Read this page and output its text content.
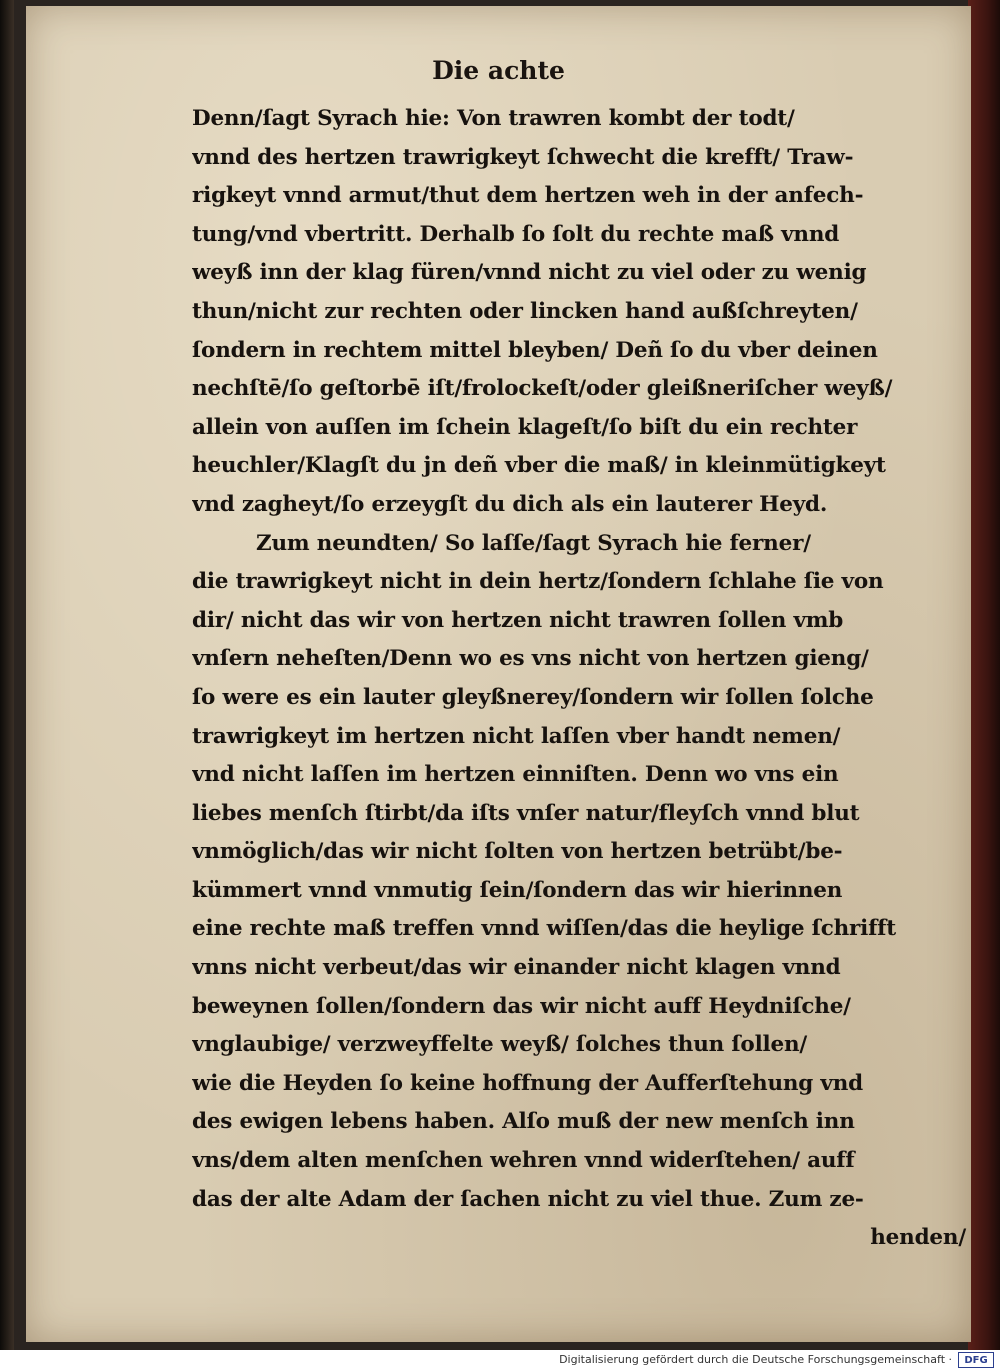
Die achte
Denn/ſagt Syrach hie: Von trawren kombt der todt/
vnnd des hertzen trawrigkeyt ſchwecht die krefft/ Traw-
rigkeyt vnnd armut/thut dem hertzen weh in der anfech-
tung/vnd vbertritt. Derhalb ſo ſolt du rechte maß vnnd
weyß inn der klag füren/vnnd nicht zu viel oder zu wenig
thun/nicht zur rechten oder lincken hand außſchreyten/
ſondern in rechtem mittel bleyben/ Deñ ſo du vber deinen
nechſtē/ſo geſtorbē iſt/frolockeſt/oder gleißneriſcher weyß/
allein von auſſen im ſchein klageſt/ſo biſt du ein rechter
heuchler/Klagſt du jn deñ vber die maß/ in kleinmütigkeyt
vnd zagheyt/ſo erzeygſt du dich als ein lauterer Heyd.
Zum neundten/ So laſſe/ſagt Syrach hie ferner/
die trawrigkeyt nicht in dein hertz/ſondern ſchlahe ſie von
dir/ nicht das wir von hertzen nicht trawren ſollen vmb
vnſern neheſten/Denn wo es vns nicht von hertzen gieng/
ſo were es ein lauter gleyßnerey/ſondern wir ſollen ſolche
trawrigkeyt im hertzen nicht laſſen vber handt nemen/
vnd nicht laſſen im hertzen einniſten. Denn wo vns ein
liebes menſch ſtirbt/da iſts vnſer natur/fleyſch vnnd blut
vnmöglich/das wir nicht ſolten von hertzen betrübt/be-
kümmert vnnd vnmutig ſein/ſondern das wir hierinnen
eine rechte maß treffen vnnd wiſſen/das die heylige ſchrifft
vnns nicht verbeut/das wir einander nicht klagen vnnd
beweynen ſollen/ſondern das wir nicht auff Heydniſche/
vnglaubige/ verzweyffelte weyß/ ſolches thun ſollen/
wie die Heyden ſo keine hoffnung der Aufferſtehung vnd
des ewigen lebens haben. Alſo muß der new menſch inn
vns/dem alten menſchen wehren vnnd widerſtehen/ auff
das der alte Adam der ſachen nicht zu viel thue. Zum ze-
henden/
Digitalisierung gefördert durch die Deutsche Forschungsgemeinschaft ·	DFG
